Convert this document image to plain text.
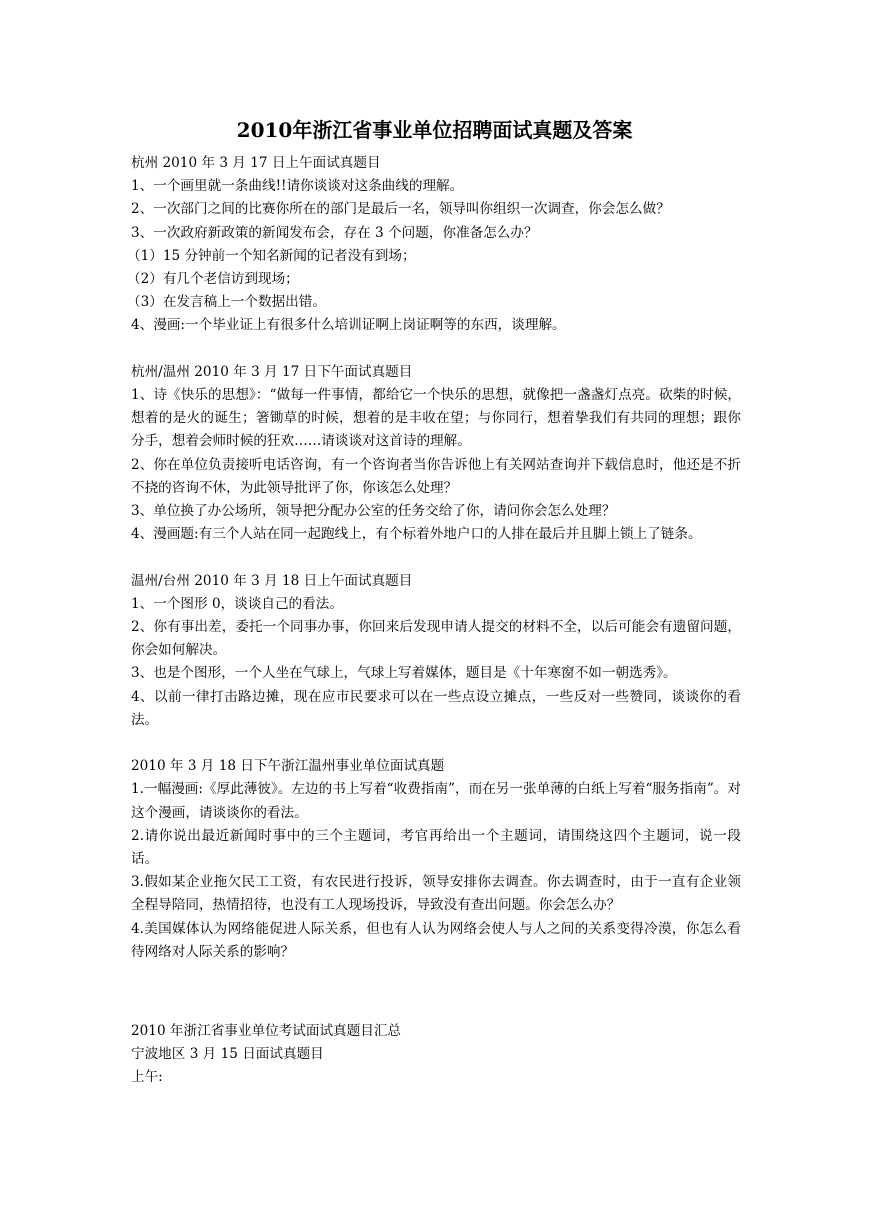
2010年浙江省事业单位招聘面试真题及答案

杭州 2010 年 3 月 17 日上午面试真题目

1、一个画里就一条曲线!!请你谈谈对这条曲线的理解。

2、一次部门之间的比赛你所在的部门是最后一名，领导叫你组织一次调查，你会怎么做？

3、一次政府新政策的新闻发布会，存在 3 个问题，你准备怎么办？

（1）15 分钟前一个知名新闻的记者没有到场；

（2）有几个老信访到现场；

（3）在发言稿上一个数据出错。

4、漫画:一个毕业证上有很多什么培训证啊上岗证啊等的东西，谈理解。

杭州/温州 2010 年 3 月 17 日下午面试真题目

1、诗《快乐的思想》：“做每一件事情，都给它一个快乐的思想，就像把一盏盏灯点亮。砍柴的时候，想着的是火的诞生；箸锄草的时候，想着的是丰收在望；与你同行，想着挚我们有共同的理想；跟你分手，想着会师时候的狂欢……请谈谈对这首诗的理解。

2、你在单位负责接听电话咨询，有一个咨询者当你告诉他上有关网站查询并下载信息时，他还是不折不挠的咨询不休，为此领导批评了你，你该怎么处理？

3、单位换了办公场所，领导把分配办公室的任务交给了你，请问你会怎么处理？

4、漫画题:有三个人站在同一起跑线上，有个标着外地户口的人排在最后并且脚上锁上了链条。

温州/台州 2010 年 3 月 18 日上午面试真题目

1、一个图形 0，谈谈自己的看法。

2、你有事出差，委托一个同事办事，你回来后发现申请人提交的材料不全，以后可能会有遗留问题，你会如何解决。

3、也是个图形，一个人坐在气球上，气球上写着媒体，题目是《十年寒窗不如一朝选秀》。

4、以前一律打击路边摊，现在应市民要求可以在一些点设立摊点，一些反对一些赞同，谈谈你的看法。

2010 年 3 月 18 日下午浙江温州事业单位面试真题

1.一幅漫画:《厚此薄彼》。左边的书上写着“收费指南”，而在另一张单薄的白纸上写着“服务指南”。对这个漫画，请谈谈你的看法。

2.请你说出最近新闻时事中的三个主题词，考官再给出一个主题词，请围绕这四个主题词，说一段话。

3.假如某企业拖欠民工工资，有农民进行投诉，领导安排你去调查。你去调查时，由于一直有企业领全程导陪同，热情招待，也没有工人现场投诉，导致没有查出问题。你会怎么办？

4.美国媒体认为网络能促进人际关系，但也有人认为网络会使人与人之间的关系变得冷漠，你怎么看待网络对人际关系的影响？

2010 年浙江省事业单位考试面试真题目汇总

宁波地区 3 月 15 日面试真题目

上午:
